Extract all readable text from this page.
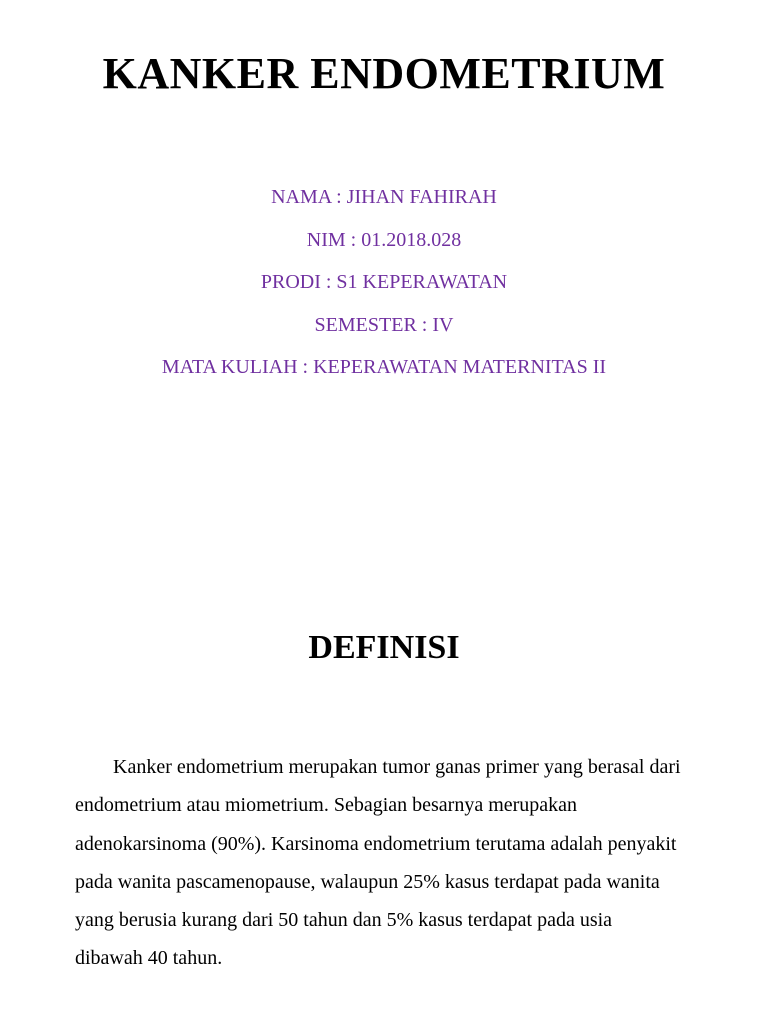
KANKER ENDOMETRIUM
NAMA : JIHAN FAHIRAH
NIM : 01.2018.028
PRODI : S1 KEPERAWATAN
SEMESTER : IV
MATA KULIAH : KEPERAWATAN MATERNITAS II
DEFINISI
Kanker endometrium merupakan tumor ganas primer yang berasal dari
endometrium atau miometrium. Sebagian besarnya merupakan
adenokarsinoma (90%). Karsinoma endometrium terutama adalah penyakit
pada wanita pascamenopause, walaupun 25% kasus terdapat pada wanita
yang berusia kurang dari 50 tahun dan 5% kasus terdapat pada usia
dibawah 40 tahun.
